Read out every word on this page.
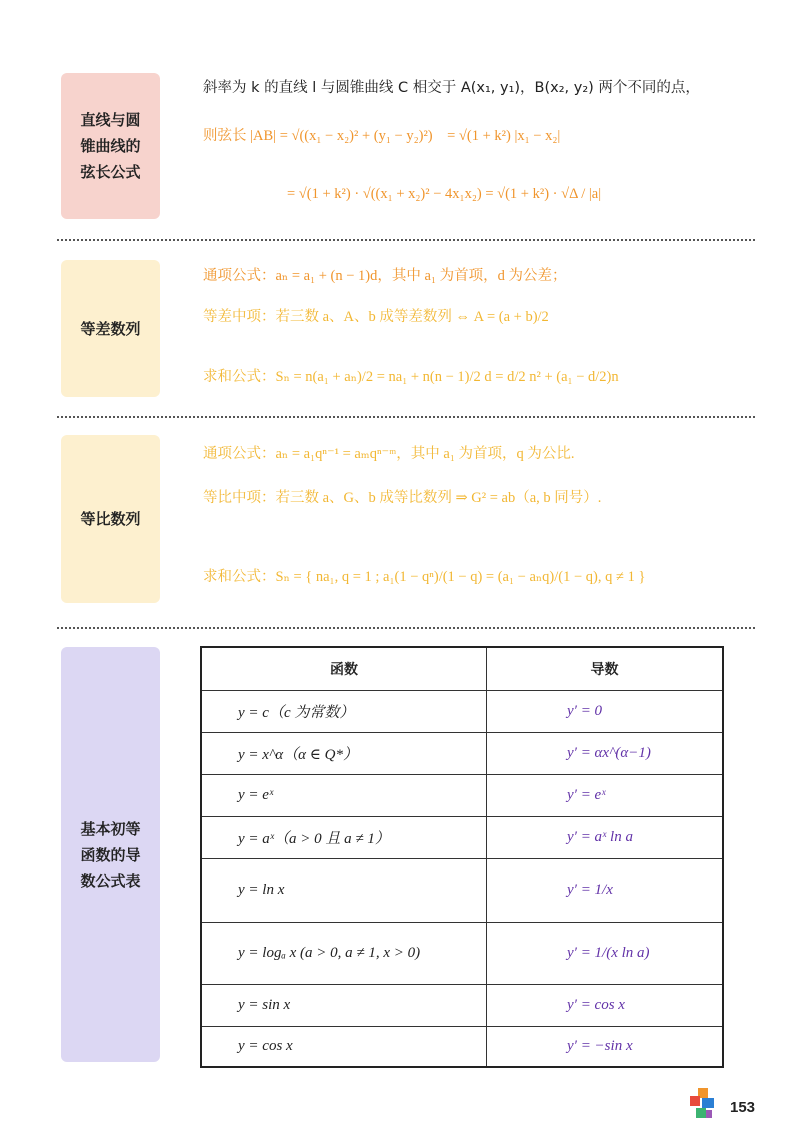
直线与圆
锥曲线的
弦长公式
斜率为 k 的直线 l 与圆锥曲线 C 相交于 A(x₁, y₁)，B(x₂, y₂) 两个不同的点，
则弦长 |AB| = √((x₁ − x₂)² + (y₁ − y₂)²)　= √(1 + k²) |x₁ − x₂|
= √(1 + k²) · √((x₁ + x₂)² − 4x₁x₂) = √(1 + k²) · √Δ / |a|
等差数列
通项公式：aₙ = a₁ + (n − 1)d，其中 a₁ 为首项，d 为公差；
等差中项：若三数 a、A、b 成等差数列 ⇔ A = (a + b)/2
求和公式：Sₙ = n(a₁ + aₙ)/2 = na₁ + n(n − 1)/2 d = d/2 n² + (a₁ − d/2)n
等比数列
通项公式：aₙ = a₁qⁿ⁻¹ = aₘqⁿ⁻ᵐ，其中 a₁ 为首项，q 为公比.
等比中项：若三数 a、G、b 成等比数列 ⇒ G² = ab（a, b 同号）.
求和公式：Sₙ = { na₁, q = 1 ; a₁(1 − qⁿ)/(1 − q) = (a₁ − aₙq)/(1 − q), q ≠ 1 }
基本初等
函数的导
数公式表
函数	导数
y = c（c 为常数）	y′ = 0
y = x^α（α ∈ Q*）	y′ = αx^(α−1)
y = eˣ	y′ = eˣ
y = aˣ（a > 0 且 a ≠ 1）	y′ = aˣ ln a
y = ln x	y′ = 1/x
y = logₐ x (a > 0, a ≠ 1, x > 0)	y′ = 1/(x ln a)
y = sin x	y′ = cos x
y = cos x	y′ = −sin x
153
